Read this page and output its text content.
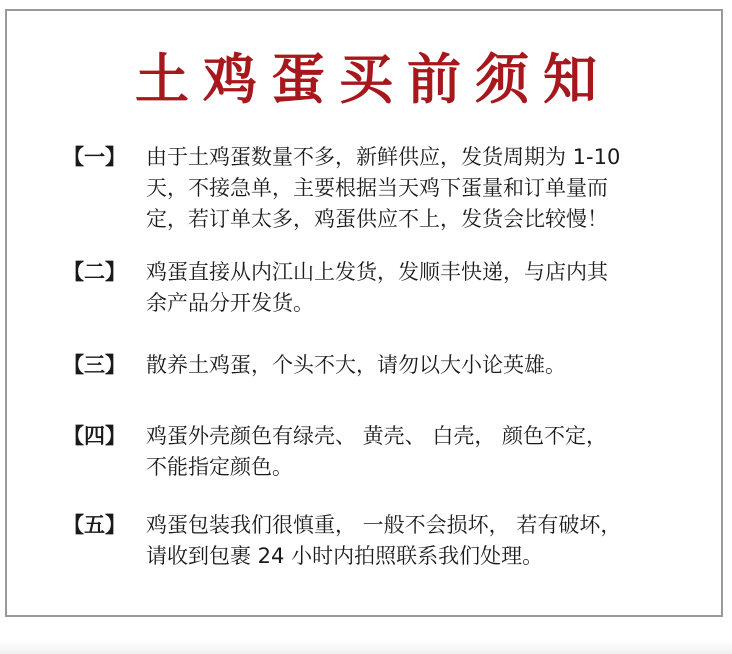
土鸡蛋买前须知
【一】 由于土鸡蛋数量不多，新鲜供应，发货周期为 1-10
天，不接急单，主要根据当天鸡下蛋量和订单量而
定，若订单太多，鸡蛋供应不上，发货会比较慢！
【二】 鸡蛋直接从内江山上发货，发顺丰快递，与店内其
余产品分开发货。
【三】 散养土鸡蛋，个头不大，请勿以大小论英雄。
【四】 鸡蛋外壳颜色有绿壳、 黄壳、 白壳， 颜色不定，
不能指定颜色。
【五】 鸡蛋包装我们很慎重， 一般不会损坏， 若有破坏，
请收到包裹 24 小时内拍照联系我们处理。
